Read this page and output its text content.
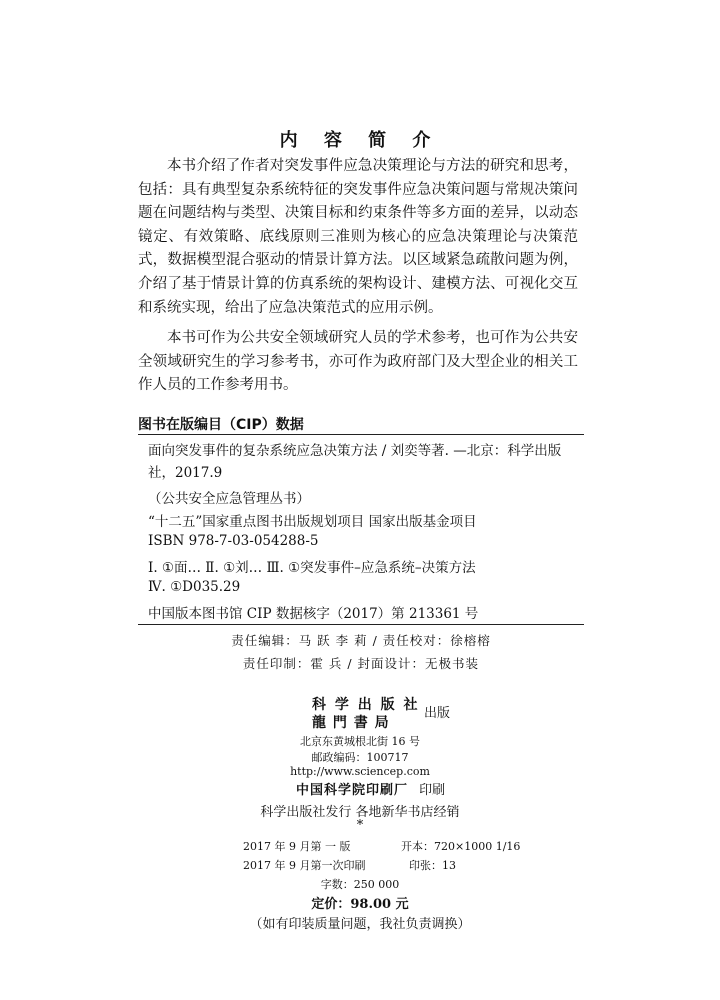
内 容 简 介

本书介绍了作者对突发事件应急决策理论与方法的研究和思考，包括：具有典型复杂系统特征的突发事件应急决策问题与常规决策问题在问题结构与类型、决策目标和约束条件等多方面的差异，以动态镜定、有效策略、底线原则三准则为核心的应急决策理论与决策范式，数据模型混合驱动的情景计算方法。以区域紧急疏散问题为例，介绍了基于情景计算的仿真系统的架构设计、建模方法、可视化交互和系统实现，给出了应急决策范式的应用示例。

本书可作为公共安全领域研究人员的学术参考，也可作为公共安全领域研究生的学习参考书，亦可作为政府部门及大型企业的相关工作人员的工作参考用书。

图书在版编目（CIP）数据

面向突发事件的复杂系统应急决策方法 / 刘奕等著. —北京：科学出版社，2017.9

（公共安全应急管理丛书）
“十二五”国家重点图书出版规划项目 国家出版基金项目
ISBN 978-7-03-054288-5
Ⅰ. ①面… Ⅱ. ①刘… Ⅲ. ①突发事件–应急系统–决策方法
Ⅳ. ①D035.29
中国版本图书馆 CIP 数据核字（2017）第 213361 号
责任编辑：马 跃 李 莉 / 责任校对：徐榕榕
责任印制：霍 兵 / 封面设计：无极书装
科 学 出 版 社
龍 門 書 局
出版
北京东黄城根北街 16 号
邮政编码：100717
http://www.sciencep.com
中国科学院印刷厂 印刷
科学出版社发行 各地新华书店经销
*
2017 年 9 月第 一 版	开本：720×1000 1/16
2017 年 9 月第一次印刷	印张：13
字数：250 000
定价：98.00 元
（如有印装质量问题，我社负责调换）
